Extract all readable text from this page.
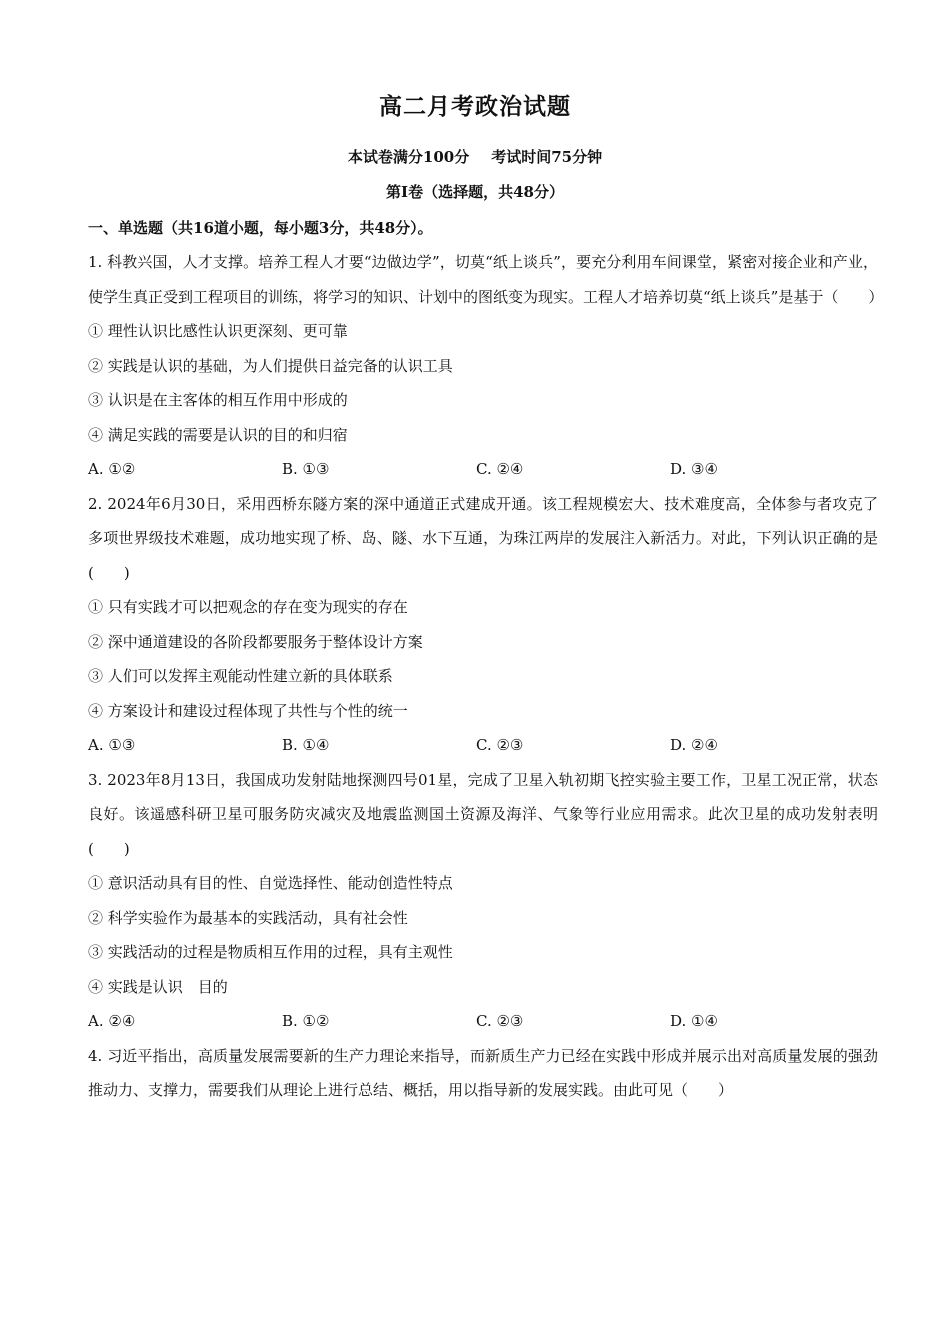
高二月考政治试题
本试卷满分100分 考试时间75分钟
第Ⅰ卷（选择题，共48分）
一、单选题（共16道小题，每小题3分，共48分）。

1. 科教兴国，人才支撑。培养工程人才要“边做边学”，切莫“纸上谈兵”，要充分利用车间课堂，紧密对接企业和产业，使学生真正受到工程项目的训练，将学习的知识、计划中的图纸变为现实。工程人才培养切莫“纸上谈兵”是基于（　　）

① 理性认识比感性认识更深刻、更可靠

② 实践是认识的基础，为人们提供日益完备的认识工具

③ 认识是在主客体的相互作用中形成的

④ 满足实践的需要是认识的目的和归宿

A. ①②	B. ①③	C. ②④	D. ③④

2. 2024年6月30日，采用西桥东隧方案的深中通道正式建成开通。该工程规模宏大、技术难度高，全体参与者攻克了多项世界级技术难题，成功地实现了桥、岛、隧、水下互通，为珠江两岸的发展注入新活力。对此，下列认识正确的是(　　)

① 只有实践才可以把观念的存在变为现实的存在

② 深中通道建设的各阶段都要服务于整体设计方案

③ 人们可以发挥主观能动性建立新的具体联系

④ 方案设计和建设过程体现了共性与个性的统一

A. ①③	B. ①④	C. ②③	D. ②④

3. 2023年8月13日，我国成功发射陆地探测四号01星，完成了卫星入轨初期飞控实验主要工作，卫星工况正常，状态良好。该遥感科研卫星可服务防灾减灾及地震监测国土资源及海洋、气象等行业应用需求。此次卫星的成功发射表明(　　)

① 意识活动具有目的性、自觉选择性、能动创造性特点

② 科学实验作为最基本的实践活动，具有社会性

③ 实践活动的过程是物质相互作用的过程，具有主观性

④ 实践是认识　目的

A. ②④	B. ①②	C. ②③	D. ①④

4. 习近平指出，高质量发展需要新的生产力理论来指导，而新质生产力已经在实践中形成并展示出对高质量发展的强劲推动力、支撑力，需要我们从理论上进行总结、概括，用以指导新的发展实践。由此可见（　　）
